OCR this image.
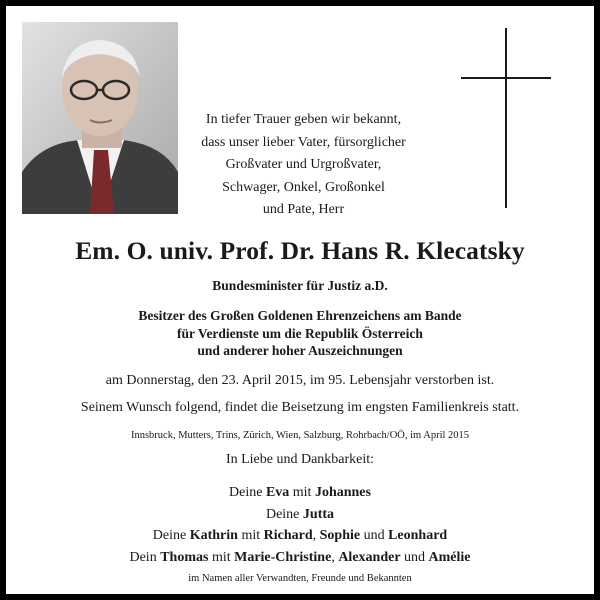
In tiefer Trauer geben wir bekannt,
dass unser lieber Vater, fürsorglicher
Großvater und Urgroßvater,
Schwager, Onkel, Großonkel
und Pate, Herr
Em. O. univ. Prof. Dr. Hans R. Klecatsky
Bundesminister für Justiz a.D.
Besitzer des Großen Goldenen Ehrenzeichens am Bande
für Verdienste um die Republik Österreich
und anderer hoher Auszeichnungen
am Donnerstag, den 23. April 2015, im 95. Lebensjahr verstorben ist.
Seinem Wunsch folgend, findet die Beisetzung im engsten Familienkreis statt.
Innsbruck, Mutters, Trins, Zürich, Wien, Salzburg, Rohrbach/OÖ, im April 2015
In Liebe und Dankbarkeit:
Deine Eva mit Johannes
Deine Jutta
Deine Kathrin mit Richard, Sophie und Leonhard
Dein Thomas mit Marie-Christine, Alexander und Amélie
im Namen aller Verwandten, Freunde und Bekannten
